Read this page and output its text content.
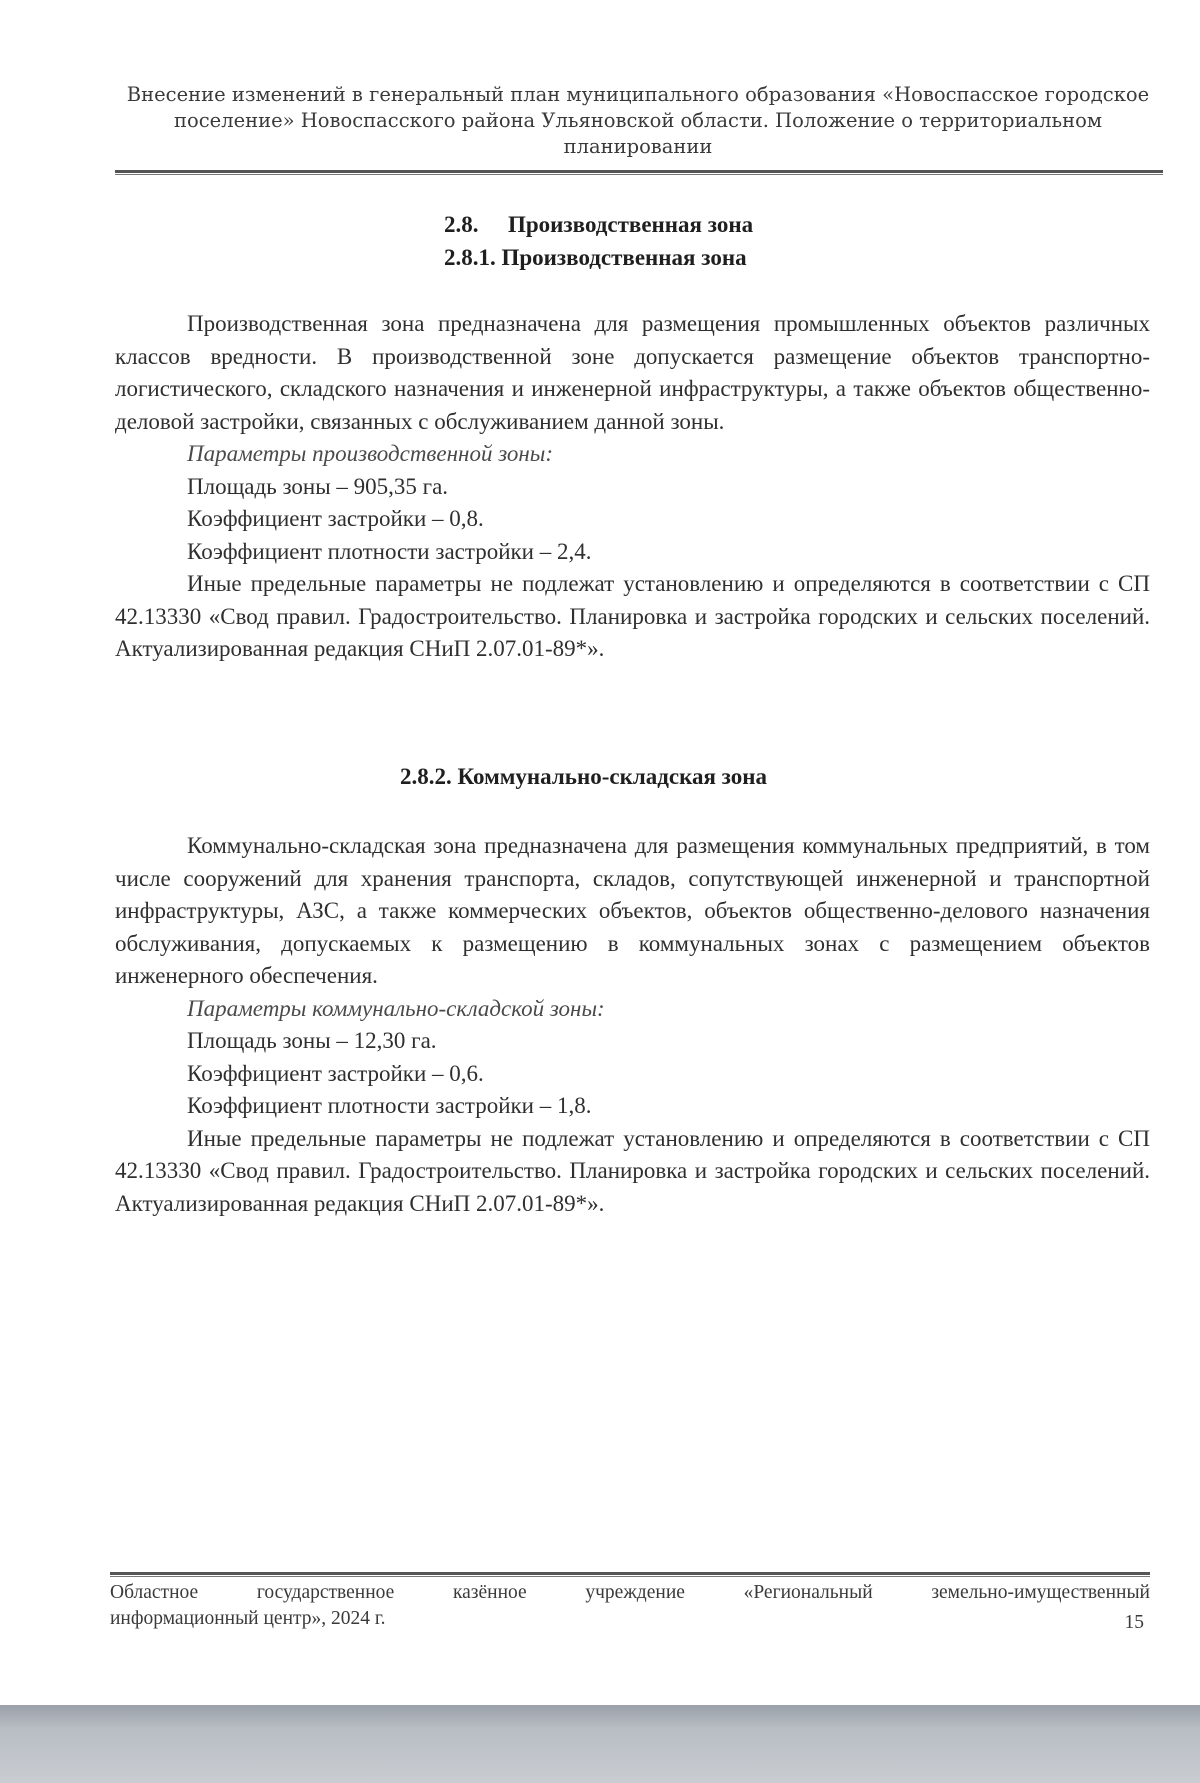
Внесение изменений в генеральный план муниципального образования «Новоспасское городское поселение» Новоспасского района Ульяновской области. Положение о территориальном планировании
2.8. Производственная зона
2.8.1. Производственная зона

Производственная зона предназначена для размещения промышленных объектов различных классов вредности. В производственной зоне допускается размещение объектов транспортно-логистического, складского назначения и инженерной инфраструктуры, а также объектов общественно-деловой застройки, связанных с обслуживанием данной зоны.

Параметры производственной зоны:

Площадь зоны – 905,35 га.

Коэффициент застройки – 0,8.

Коэффициент плотности застройки – 2,4.

Иные предельные параметры не подлежат установлению и определяются в соответствии с СП 42.13330 «Свод правил. Градостроительство. Планировка и застройка городских и сельских поселений. Актуализированная редакция СНиП 2.07.01-89*».

2.8.2. Коммунально-складская зона

Коммунально-складская зона предназначена для размещения коммунальных предприятий, в том числе сооружений для хранения транспорта, складов, сопутствующей инженерной и транспортной инфраструктуры, АЗС, а также коммерческих объектов, объектов общественно-делового назначения обслуживания, допускаемых к размещению в коммунальных зонах с размещением объектов инженерного обеспечения.

Параметры коммунально-складской зоны:

Площадь зоны – 12,30 га.

Коэффициент застройки – 0,6.

Коэффициент плотности застройки – 1,8.

Иные предельные параметры не подлежат установлению и определяются в соответствии с СП 42.13330 «Свод правил. Градостроительство. Планировка и застройка городских и сельских поселений. Актуализированная редакция СНиП 2.07.01-89*».

Областное государственное казённое учреждение «Региональный земельно-имущественный

информационный центр», 2024 г.	15
